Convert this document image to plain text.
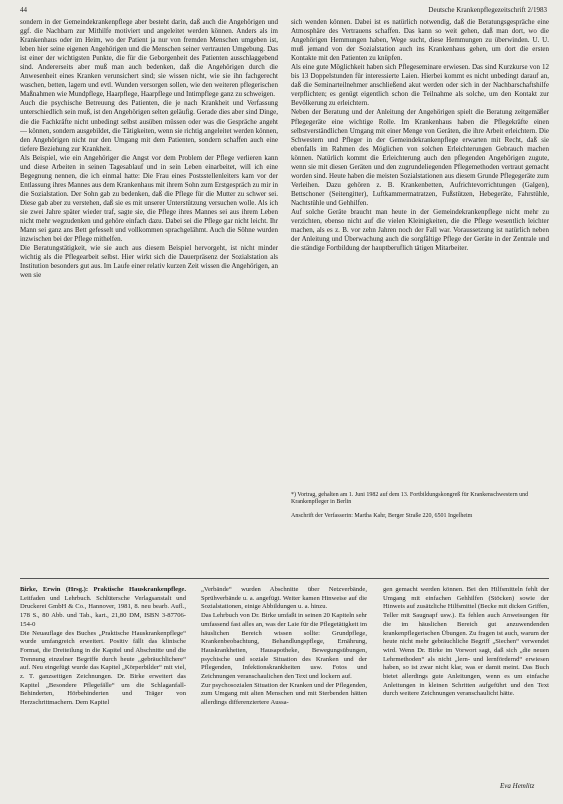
44	Deutsche Krankenpflegezeitschrift 2/1983

sondern in der Gemeindekrankenpflege aber besteht darin, daß auch die Angehörigen und ggf. die Nachbarn zur Mithilfe motiviert und angeleitet werden können. Anders als im Krankenhaus oder im Heim, wo der Patient ja nur von fremden Menschen umgeben ist, leben hier seine eigenen Angehörigen und die Menschen seiner vertrauten Umgebung. Das ist einer der wichtigsten Punkte, die für die Geborgenheit des Patienten ausschlaggebend sind. Andererseits aber muß man auch bedenken, daß die Angehörigen durch die Anwesenheit eines Kranken verunsichert sind; sie wissen nicht, wie sie ihn fachgerecht waschen, betten, lagern und evtl. Wunden versorgen sollen, wie den weiteren pflegerischen Maßnahmen wie Mundpflege, Haarpflege, Haarpflege und Intimpflege ganz zu schweigen.

Auch die psychische Betreuung des Patienten, die je nach Krankheit und Verfassung unterschiedlich sein muß, ist den Angehörigen selten geläufig. Gerade dies aber sind Dinge, die die Fachkräfte nicht unbedingt selbst ausüben müssen oder was die Gespräche angeht — können, sondern ausgebildet, die Tätigkeiten, wenn sie richtig angeleitet werden können, den Angehörigen nicht nur den Umgang mit dem Patienten, sondern schaffen auch eine tiefere Beziehung zur Krankheit.

Als Beispiel, wie ein Angehöriger die Angst vor dem Problem der Pflege verlieren kann und diese Arbeiten in seinen Tagesablauf und in sein Leben einarbeitet, will ich eine Begegnung nennen, die ich einmal hatte: Die Frau eines Postsstellenleiters kam vor der Entlassung ihres Mannes aus dem Krankenhaus mit ihrem Sohn zum Erstgespräch zu mir in die Sozialstation. Der Sohn gab zu bedenken, daß die Pflege für die Mutter zu schwer sei. Diese gab aber zu verstehen, daß sie es mit unserer Unterstützung versuchen wolle. Als ich sie zwei Jahre später wieder traf, sagte sie, die Pflege ihres Mannes sei aus ihrem Leben nicht mehr wegzudenken und gehöre einfach dazu. Dabei sei die Pflege gar nicht leicht. Ihr Mann sei ganz ans Bett gefesselt und vollkommen sprachgelähmt. Auch die Söhne wurden inzwischen bei der Pflege mithelfen.

Die Beratungstätigkeit, wie sie auch aus diesem Beispiel hervorgeht, ist nicht minder wichtig als die Pflegearbeit selbst. Hier wirkt sich die Dauerpräsenz der Sozialstation als Institution besonders gut aus. Im Laufe einer relativ kurzen Zeit wissen die Angehörigen, an wen sie

sich wenden können. Dabei ist es natürlich notwendig, daß die Beratungsgespräche eine Atmosphäre des Vertrauens schaffen. Das kann so weit gehen, daß man dort, wo die Angehörigen Hemmungen haben, Wege sucht, diese Hemmungen zu überwinden. U. U. muß jemand von der Sozialstation auch ins Krankenhaus gehen, um dort die ersten Kontakte mit den Patienten zu knüpfen.

Als eine gute Möglichkeit haben sich Pflegeseminare erwiesen. Das sind Kurzkurse von 12 bis 13 Doppelstunden für interessierte Laien. Hierbei kommt es nicht unbedingt darauf an, daß die Seminarteilnehmer anschließend akut werden oder sich in der Nachbarschaftshilfe verpflichten; es genügt eigentlich schon die Teilnahme als solche, um den Kontakt zur Bevölkerung zu erleichtern.

Neben der Beratung und der Anleitung der Angehörigen spielt die Beratung zeitgemäßer Pflegegeräte eine wichtige Rolle. Im Krankenhaus haben die Pflegekräfte einen selbstverständlichen Umgang mit einer Menge von Geräten, die ihre Arbeit erleichtern. Die Schwestern und Pfleger in der Gemeindekrankenpflege erwarten mit Recht, daß sie ebenfalls im Rahmen des Möglichen von solchen Erleichterungen Gebrauch machen können. Natürlich kommt die Erleichterung auch den pflegenden Angehörigen zugute, wenn sie mit diesen Geräten und den zugrundeliegenden Pflegemethoden vertraut gemacht worden sind. Heute haben die meisten Sozialstationen aus diesem Grunde Pflegegeräte zum Verleihen. Dazu gehören z. B. Krankenbetten, Aufrichtevorrichtungen (Galgen), Bettschoner (Seitengitter), Luftkammermatratzen, Fußstützen, Hebegeräte, Fahrstühle, Nachtstühle und Gehhilfen.

Auf solche Geräte braucht man heute in der Gemeindekrankenpflege nicht mehr zu verzichten, ebenso nicht auf die vielen Kleinigkeiten, die die Pflege wesentlich leichter machen, als es z. B. vor zehn Jahren noch der Fall war. Voraussetzung ist natürlich neben der Anleitung und Überwachung auch die sorgfältige Pflege der Geräte in der Zentrale und die ständige Fortbildung der hauptberuflich tätigen Mitarbeiter.

*) Vortrag, gehalten am 1. Juni 1982 auf dem 13. Fortbildungskongreß für Krankenschwestern und Krankenpfleger in Berlin

Anschrift der Verfasserin: Martha Kahr, Berger Straße 220, 6501 Ingelheim

Birke, Erwin (Hrsg.): Praktische Hauskrankenpflege. Leitfaden und Lehrbuch. Schlütersche Verlagsanstalt und Druckerei GmbH & Co., Hannover, 1981, 8. neu bearb. Aufl., 178 S., 80 Abb. und Tab., kart., 21,80 DM, ISBN 3-87706-154-0

Die Neuauflage des Buches „Praktische Hauskrankenpflege“ wurde umfangreich erweitert. Positiv fällt das klinische Format, die Dreiteilung in die Kapitel und Abschnitte und die Trennung einzelner Begriffe durch heute „gebräuchlichere“ auf. Neu eingefügt wurde das Kapitel „Körperbilder“ mit viel, z. T. ganzseitigen Zeichnungen. Dr. Birke erweitert das Kapitel „Besondere Pflegefälle“ um die Schlaganfall-Behinderten, Hörbehinderten und Träger von Herzschrittmachern. Dem Kapitel

„Verbände“ wurden Abschnitte über Netzverbände, Sprühverbände u. a. angefügt. Weiter kamen Hinweise auf die Sozialstationen, einige Abbildungen u. a. hinzu.

Das Lehrbuch von Dr. Birke umfaßt in seinen 20 Kapiteln sehr umfassend fast alles an, was der Laie für die Pflegetätigkeit im häuslichen Bereich wissen sollte: Grundpflege, Krankenbeobachtung, Behandlungspflege, Ernährung, Hauskrankheiten, Hausapotheke, Bewegungsübungen, psychische und soziale Situation des Kranken und der Pflegenden, Infektionskrankheiten usw. Fotos und Zeichnungen veranschaulichen den Text und lockern auf.

Zur psychosozialen Situation der Kranken und der Pflegenden, zum Umgang mit alten Menschen und mit Sterbenden hätten allerdings differenziertere Aussa-

gen gemacht werden können. Bei den Hilfsmitteln fehlt der Umgang mit einfachen Gehhilfen (Stöcken) sowie der Hinweis auf zusätzliche Hilfsmittel (Becke mit dicken Griffen, Teller mit Saugnapf usw.). Es fehlen auch Anweisungen für die im häuslichen Bereich gut anzuwendenden krankenpflegerischen Übungen. Zu fragen ist auch, warum der heute nicht mehr gebräuchliche Begriff „Siechen“ verwendet wird. Wenn Dr. Birke im Vorwort sagt, daß sich „die neuen Lehrmethoden“ als nicht „lern- und lernfördernd“ erwiesen haben, so ist zwar nicht klar, was er damit meint. Das Buch bietet allerdings gute Anleitungen, wenn es um einfache Anleitungen in kleinen Schritten aufgeführt und den Text durch weitere Zeichnungen veranschaulicht hätte.

Eva Hemlitz
